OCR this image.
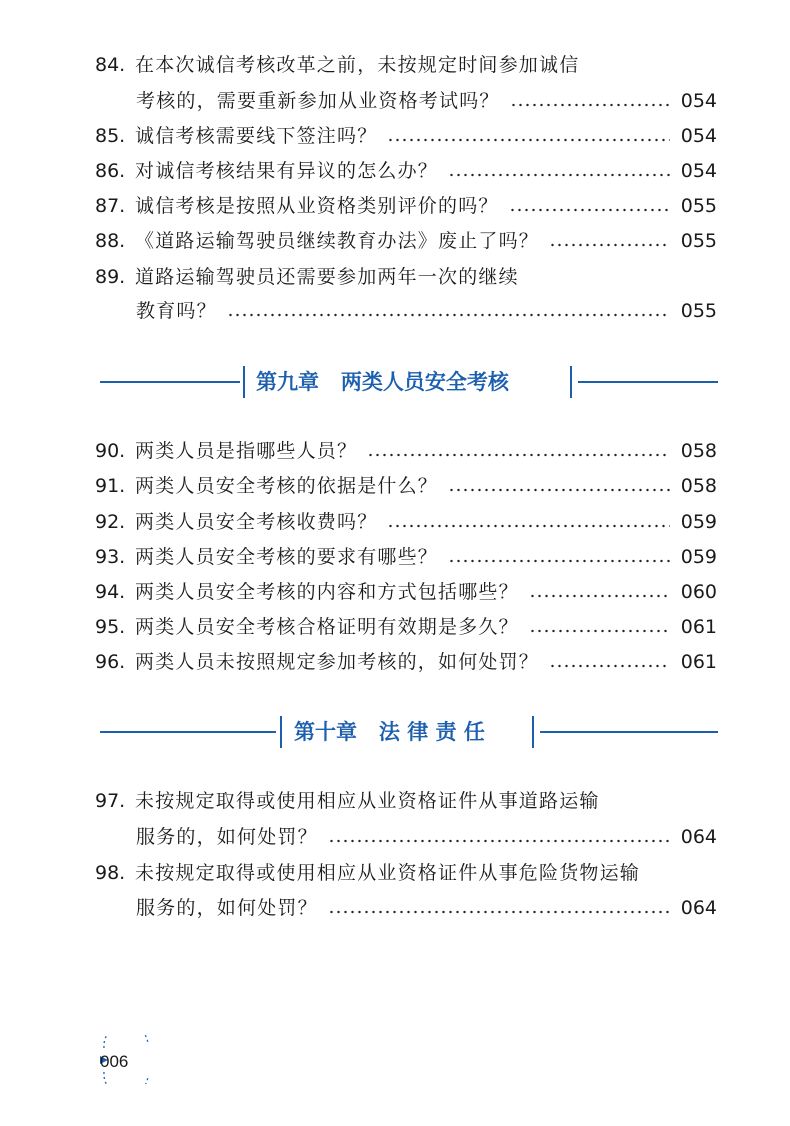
84. 在本次诚信考核改革之前，未按规定时间参加诚信
考核的，需要重新参加从业资格考试吗？	054
85. 诚信考核需要线下签注吗？	054
86. 对诚信考核结果有异议的怎么办？	054
87. 诚信考核是按照从业资格类别评价的吗？	055
88. 《道路运输驾驶员继续教育办法》废止了吗？	055
89. 道路运输驾驶员还需要参加两年一次的继续
教育吗？	055
第九章   两类人员安全考核
90. 两类人员是指哪些人员？	058
91. 两类人员安全考核的依据是什么？	058
92. 两类人员安全考核收费吗？	059
93. 两类人员安全考核的要求有哪些？	059
94. 两类人员安全考核的内容和方式包括哪些？	060
95. 两类人员安全考核合格证明有效期是多久？	061
96. 两类人员未按照规定参加考核的，如何处罚？	061
第十章   法 律 责 任
97. 未按规定取得或使用相应从业资格证件从事道路运输
服务的，如何处罚？	064
98. 未按规定取得或使用相应从业资格证件从事危险货物运输
服务的，如何处罚？	064
006
